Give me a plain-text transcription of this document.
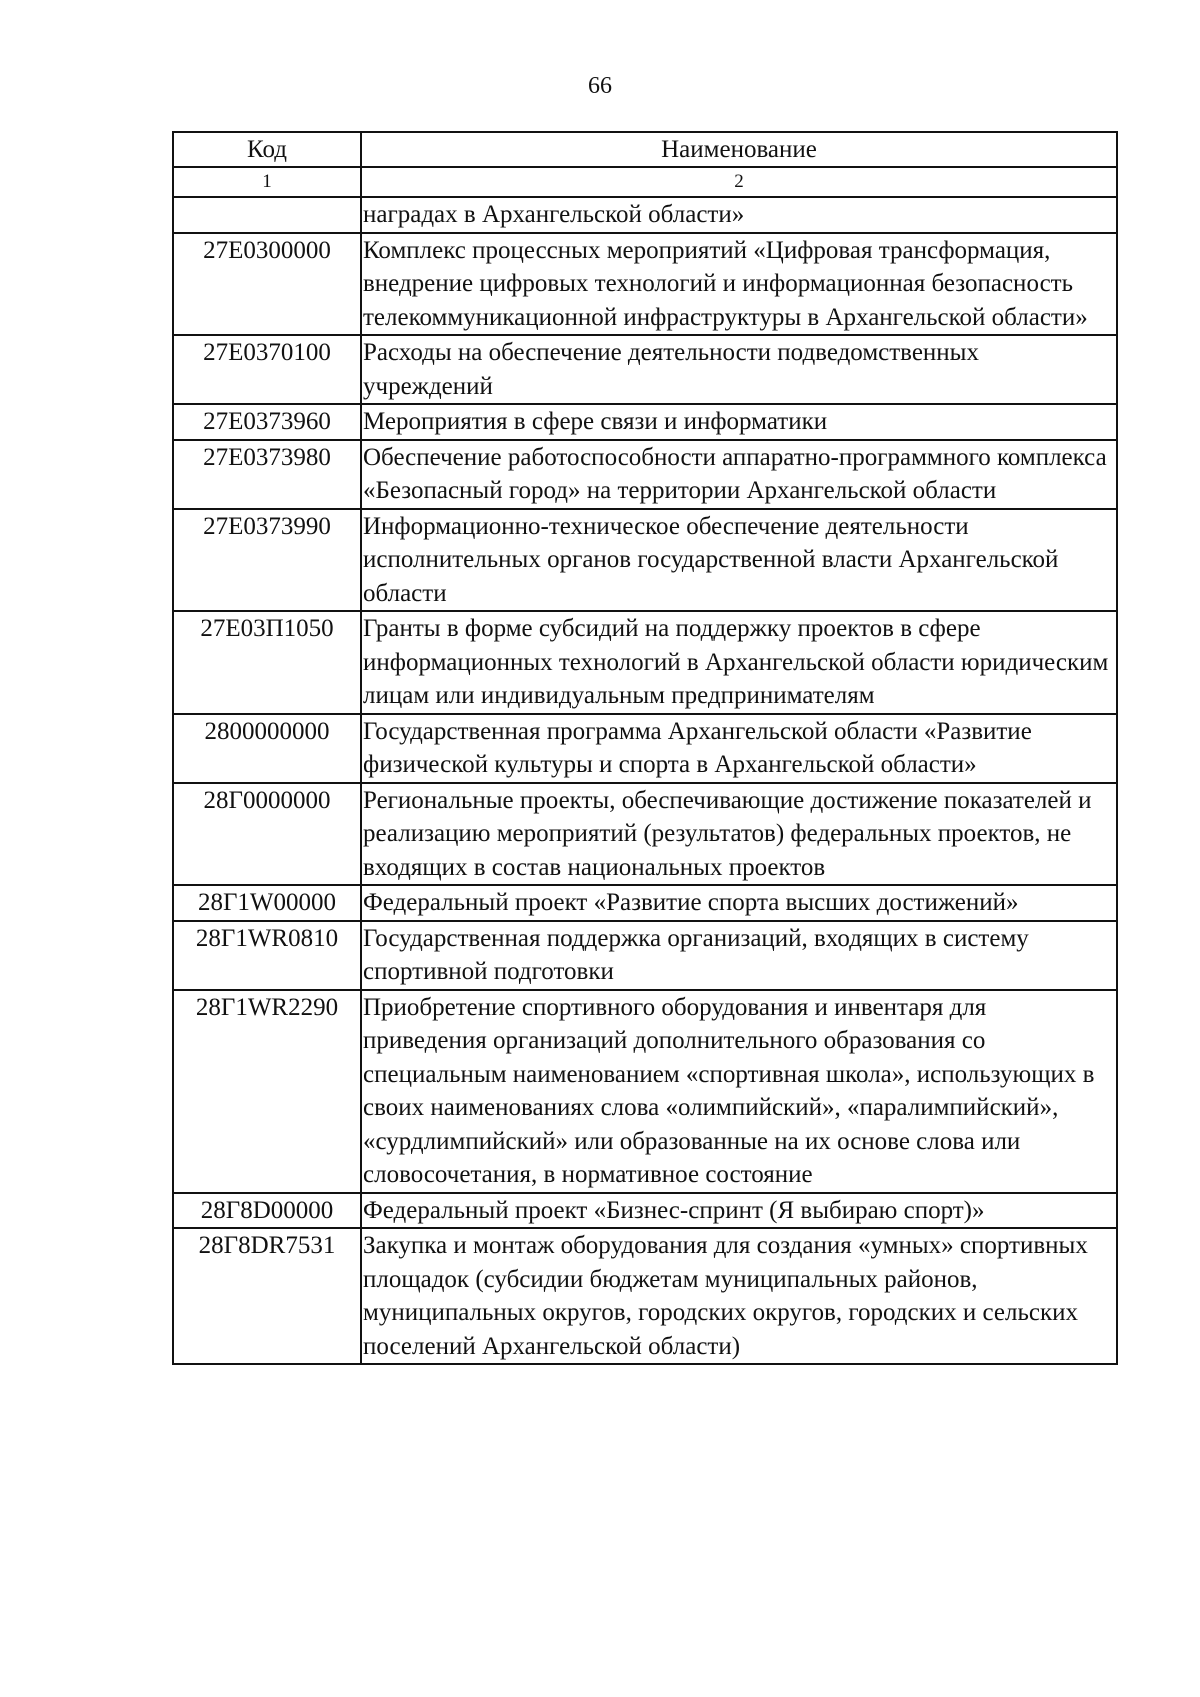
66
Код	Наименование
1	2
	наградах в Архангельской области»
27Е0300000	Комплекс процессных мероприятий «Цифровая трансформация, внедрение цифровых технологий и информационная безопасность телекоммуникационной инфраструктуры в Архангельской области»
27Е0370100	Расходы на обеспечение деятельности подведомственных учреждений
27Е0373960	Мероприятия в сфере связи и информатики
27Е0373980	Обеспечение работоспособности аппаратно-программного комплекса «Безопасный город» на территории Архангельской области
27Е0373990	Информационно-техническое обеспечение деятельности исполнительных органов государственной власти Архангельской области
27Е03П1050	Гранты в форме субсидий на поддержку проектов в сфере информационных технологий в Архангельской области юридическим лицам или индивидуальным предпринимателям
2800000000	Государственная программа Архангельской области «Развитие физической культуры и спорта в Архангельской области»
28Г0000000	Региональные проекты, обеспечивающие достижение показателей и реализацию мероприятий (результатов) федеральных проектов, не входящих в состав национальных проектов
28Г1W00000	Федеральный проект «Развитие спорта высших достижений»
28Г1WR0810	Государственная поддержка организаций, входящих в систему спортивной подготовки
28Г1WR2290	Приобретение спортивного оборудования и инвентаря для приведения организаций дополнительного образования со специальным наименованием «спортивная школа», использующих в своих наименованиях слова «олимпийский», «паралимпийский», «сурдлимпийский» или образованные на их основе слова или словосочетания, в нормативное состояние
28Г8D00000	Федеральный проект «Бизнес-спринт (Я выбираю спорт)»
28Г8DR7531	Закупка и монтаж оборудования для создания «умных» спортивных площадок (субсидии бюджетам муниципальных районов, муниципальных округов, городских округов, городских и сельских поселений Архангельской области)
